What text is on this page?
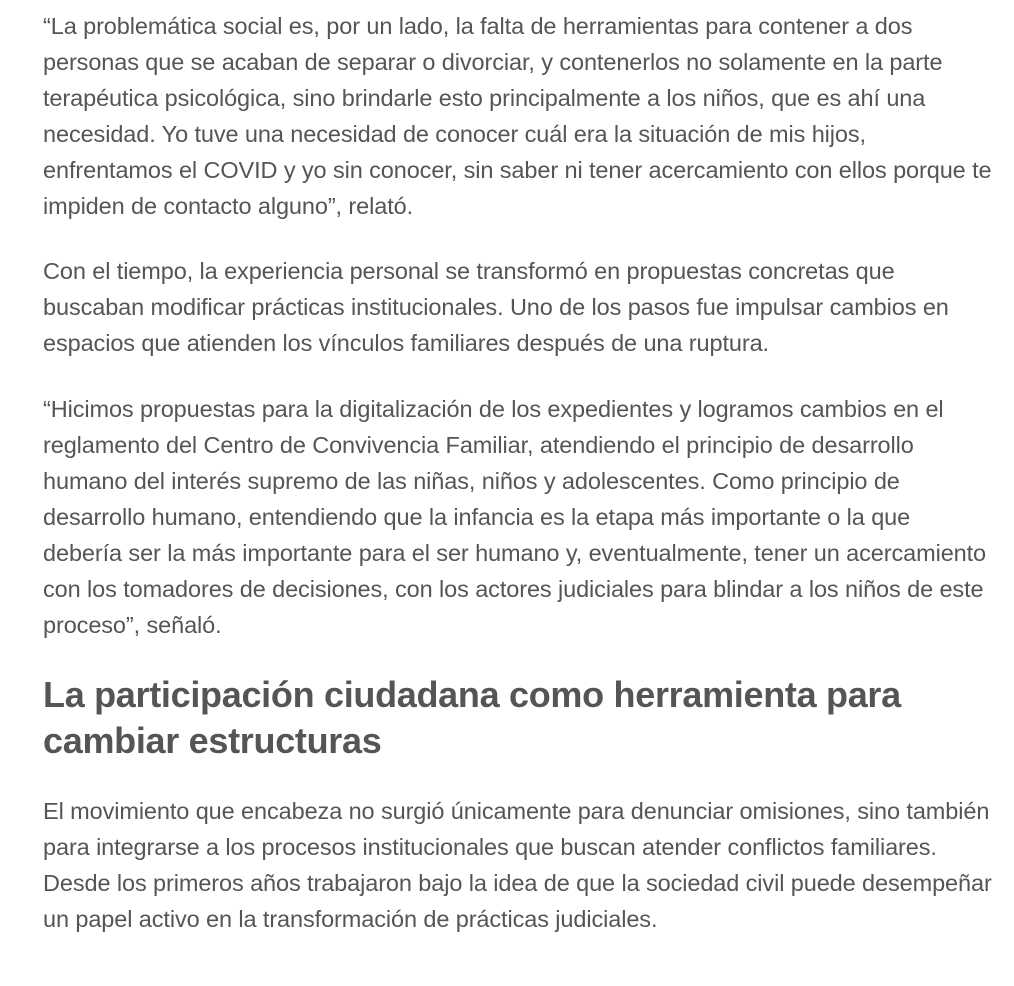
“La problemática social es, por un lado, la falta de herramientas para contener a dos personas que se acaban de separar o divorciar, y contenerlos no solamente en la parte terapéutica psicológica, sino brindarle esto principalmente a los niños, que es ahí una necesidad. Yo tuve una necesidad de conocer cuál era la situación de mis hijos, enfrentamos el COVID y yo sin conocer, sin saber ni tener acercamiento con ellos porque te impiden de contacto alguno”, relató.

Con el tiempo, la experiencia personal se transformó en propuestas concretas que buscaban modificar prácticas institucionales. Uno de los pasos fue impulsar cambios en espacios que atienden los vínculos familiares después de una ruptura.

“Hicimos propuestas para la digitalización de los expedientes y logramos cambios en el reglamento del Centro de Convivencia Familiar, atendiendo el principio de desarrollo humano del interés supremo de las niñas, niños y adolescentes. Como principio de desarrollo humano, entendiendo que la infancia es la etapa más importante o la que debería ser la más importante para el ser humano y, eventualmente, tener un acercamiento con los tomadores de decisiones, con los actores judiciales para blindar a los niños de este proceso”, señaló.

La participación ciudadana como herramienta para cambiar estructuras

El movimiento que encabeza no surgió únicamente para denunciar omisiones, sino también para integrarse a los procesos institucionales que buscan atender conflictos familiares. Desde los primeros años trabajaron bajo la idea de que la sociedad civil puede desempeñar un papel activo en la transformación de prácticas judiciales.
